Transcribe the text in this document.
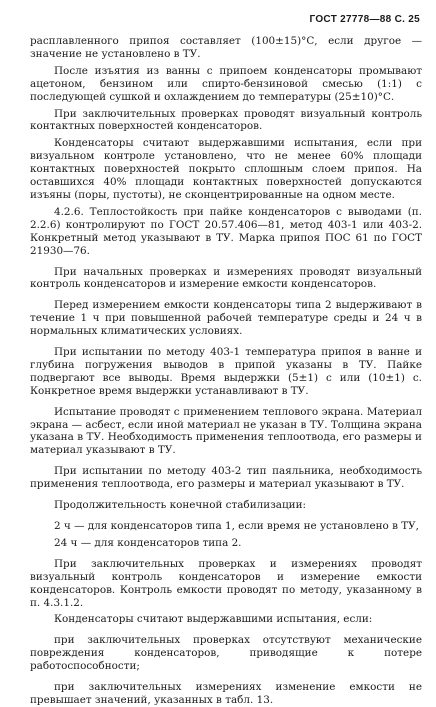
ГОСТ 27778—88 С. 25

расплавленного припоя составляет (100±15)°С, если другое — значение не установлено в ТУ.

После изъятия из ванны с припоем конденсаторы промывают ацетоном, бензином или спирто-бензиновой смесью (1:1) с последующей сушкой и охлаждением до температуры (25±10)°С.

При заключительных проверках проводят визуальный контроль контактных поверхностей конденсаторов.

Конденсаторы считают выдержавшими испытания, если при визуальном контроле установлено, что не менее 60% площади контактных поверхностей покрыто сплошным слоем припоя. На оставшихся 40% площади контактных поверхностей допускаются изъяны (поры, пустоты), не сконцентрированные на одном месте.

4.2.6. Теплостойкость при пайке конденсаторов с выводами (п. 2.2.6) контролируют по ГОСТ 20.57.406—81, метод 403-1 или 403-2. Конкретный метод указывают в ТУ. Марка припоя ПОС 61 по ГОСТ 21930—76.

При начальных проверках и измерениях проводят визуальный контроль конденсаторов и измерение емкости конденсаторов.

Перед измерением емкости конденсаторы типа 2 выдерживают в течение 1 ч при повышенной рабочей температуре среды и 24 ч в нормальных климатических условиях.

При испытании по методу 403-1 температура припоя в ванне и глубина погружения выводов в припой указаны в ТУ. Пайке подвергают все выводы. Время выдержки (5±1) с или (10±1) с. Конкретное время выдержки устанавливают в ТУ.

Испытание проводят с применением теплового экрана. Материал экрана — асбест, если иной материал не указан в ТУ. Толщина экрана указана в ТУ. Необходимость применения теплоотвода, его размеры и материал указывают в ТУ.

При испытании по методу 403-2 тип паяльника, необходимость применения теплоотвода, его размеры и материал указывают в ТУ.

Продолжительность конечной стабилизации:

2 ч — для конденсаторов типа 1, если время не установлено в ТУ,

24 ч — для конденсаторов типа 2.

При заключительных проверках и измерениях проводят визуальный контроль конденсаторов и измерение емкости конденсаторов. Контроль емкости проводят по методу, указанному в п. 4.3.1.2.

Конденсаторы считают выдержавшими испытания, если:

при заключительных проверках отсутствуют механические повреждения конденсаторов, приводящие к потере работоспособности;

при заключительных измерениях изменение емкости не превышает значений, указанных в табл. 13.
